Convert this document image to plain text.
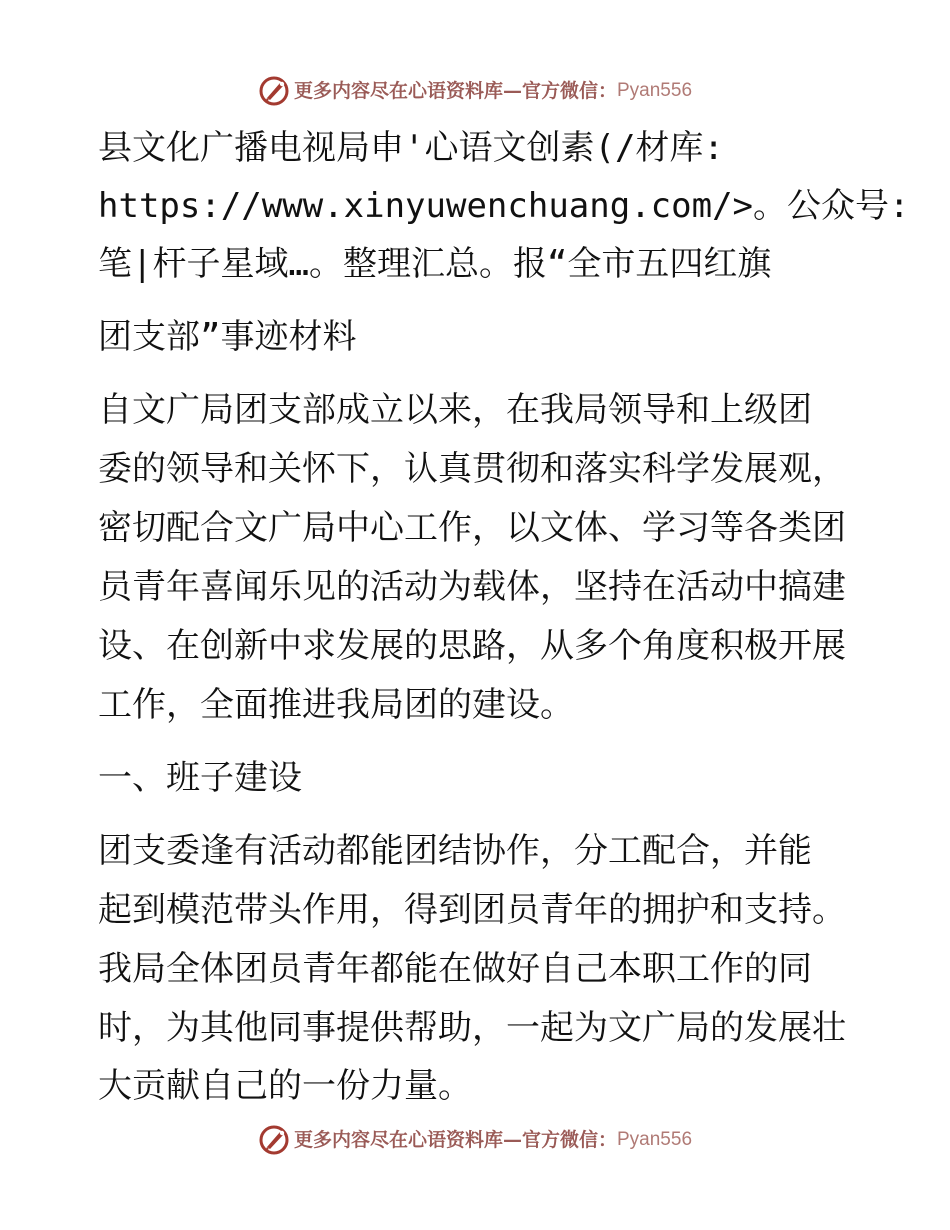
更多内容尽在心语资料库—官方微信：Pyan556
县文化广播电视局申'心语文创素(/材库:
https://www.xinyuwenchuang.com/>。公众号:
笔|杆子星域…。整理汇总。报“全市五四红旗
团支部”事迹材料
自文广局团支部成立以来，在我局领导和上级团
委的领导和关怀下，认真贯彻和落实科学发展观，
密切配合文广局中心工作，以文体、学习等各类团
员青年喜闻乐见的活动为载体，坚持在活动中搞建
设、在创新中求发展的思路，从多个角度积极开展
工作，全面推进我局团的建设。
一、班子建设
团支委逢有活动都能团结协作，分工配合，并能
起到模范带头作用，得到团员青年的拥护和支持。
我局全体团员青年都能在做好自己本职工作的同
时，为其他同事提供帮助，一起为文广局的发展壮
大贡献自己的一份力量。
更多内容尽在心语资料库—官方微信：Pyan556
